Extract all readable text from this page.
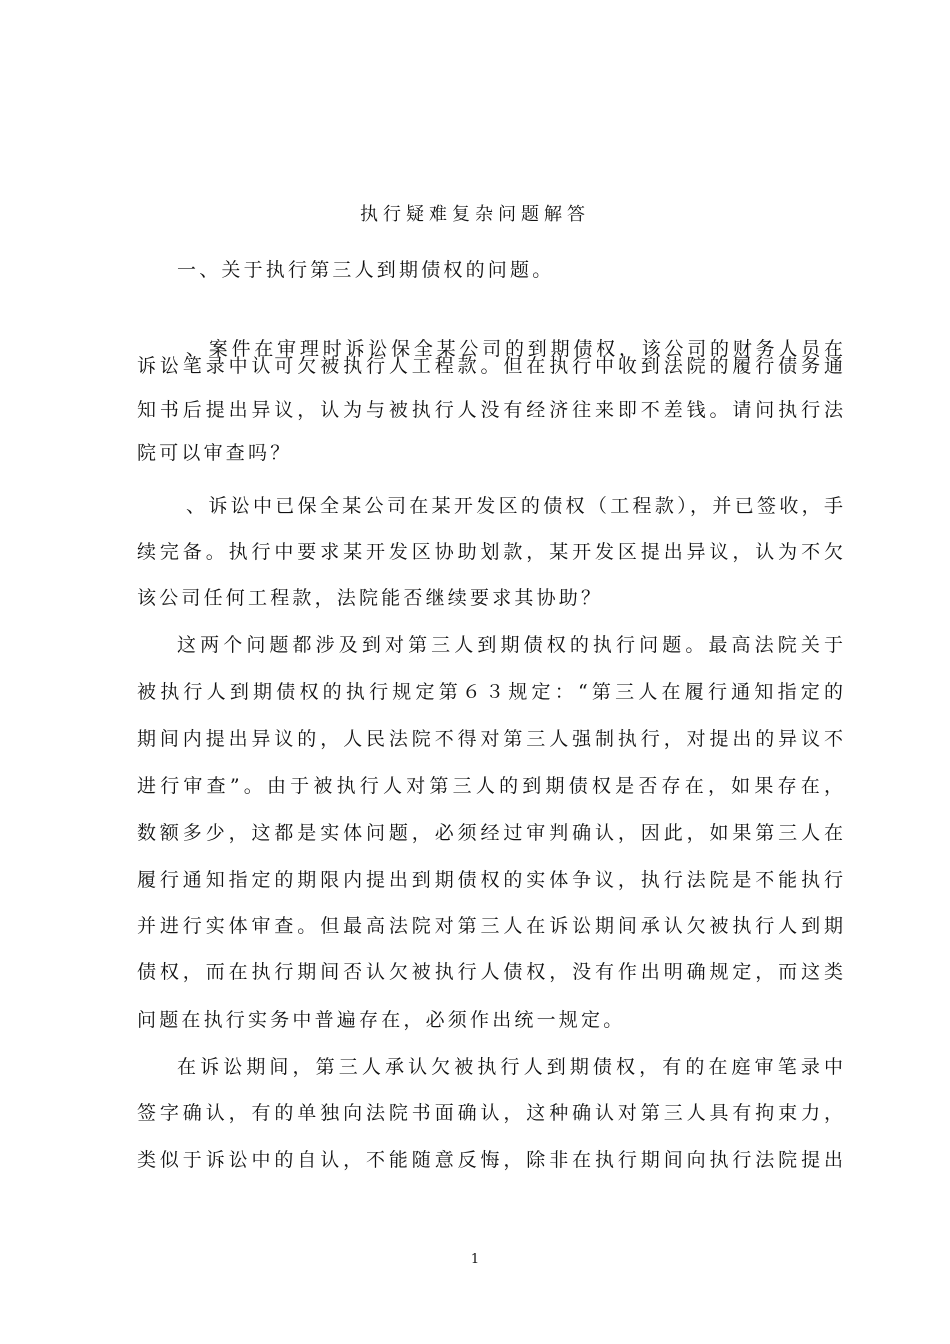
执行疑难复杂问题解答
一、关于执行第三人到期债权的问题。
、案件在审理时诉讼保全某公司的到期债权，该公司的财务人员在
诉讼笔录中认可欠被执行人工程款。但在执行中收到法院的履行债务通
知书后提出异议，认为与被执行人没有经济往来即不差钱。请问执行法
院可以审查吗？
、诉讼中已保全某公司在某开发区的债权（工程款），并已签收，手
续完备。执行中要求某开发区协助划款，某开发区提出异议，认为不欠
该公司任何工程款，法院能否继续要求其协助？
这两个问题都涉及到对第三人到期债权的执行问题。最高法院关于
被执行人到期债权的执行规定第６３规定：“第三人在履行通知指定的
期间内提出异议的，人民法院不得对第三人强制执行，对提出的异议不
进行审查”。由于被执行人对第三人的到期债权是否存在，如果存在，
数额多少，这都是实体问题，必须经过审判确认，因此，如果第三人在
履行通知指定的期限内提出到期债权的实体争议，执行法院是不能执行
并进行实体审查。但最高法院对第三人在诉讼期间承认欠被执行人到期
债权，而在执行期间否认欠被执行人债权，没有作出明确规定，而这类
问题在执行实务中普遍存在，必须作出统一规定。
在诉讼期间，第三人承认欠被执行人到期债权，有的在庭审笔录中
签字确认，有的单独向法院书面确认，这种确认对第三人具有拘束力，
类似于诉讼中的自认，不能随意反悔，除非在执行期间向执行法院提出
1
